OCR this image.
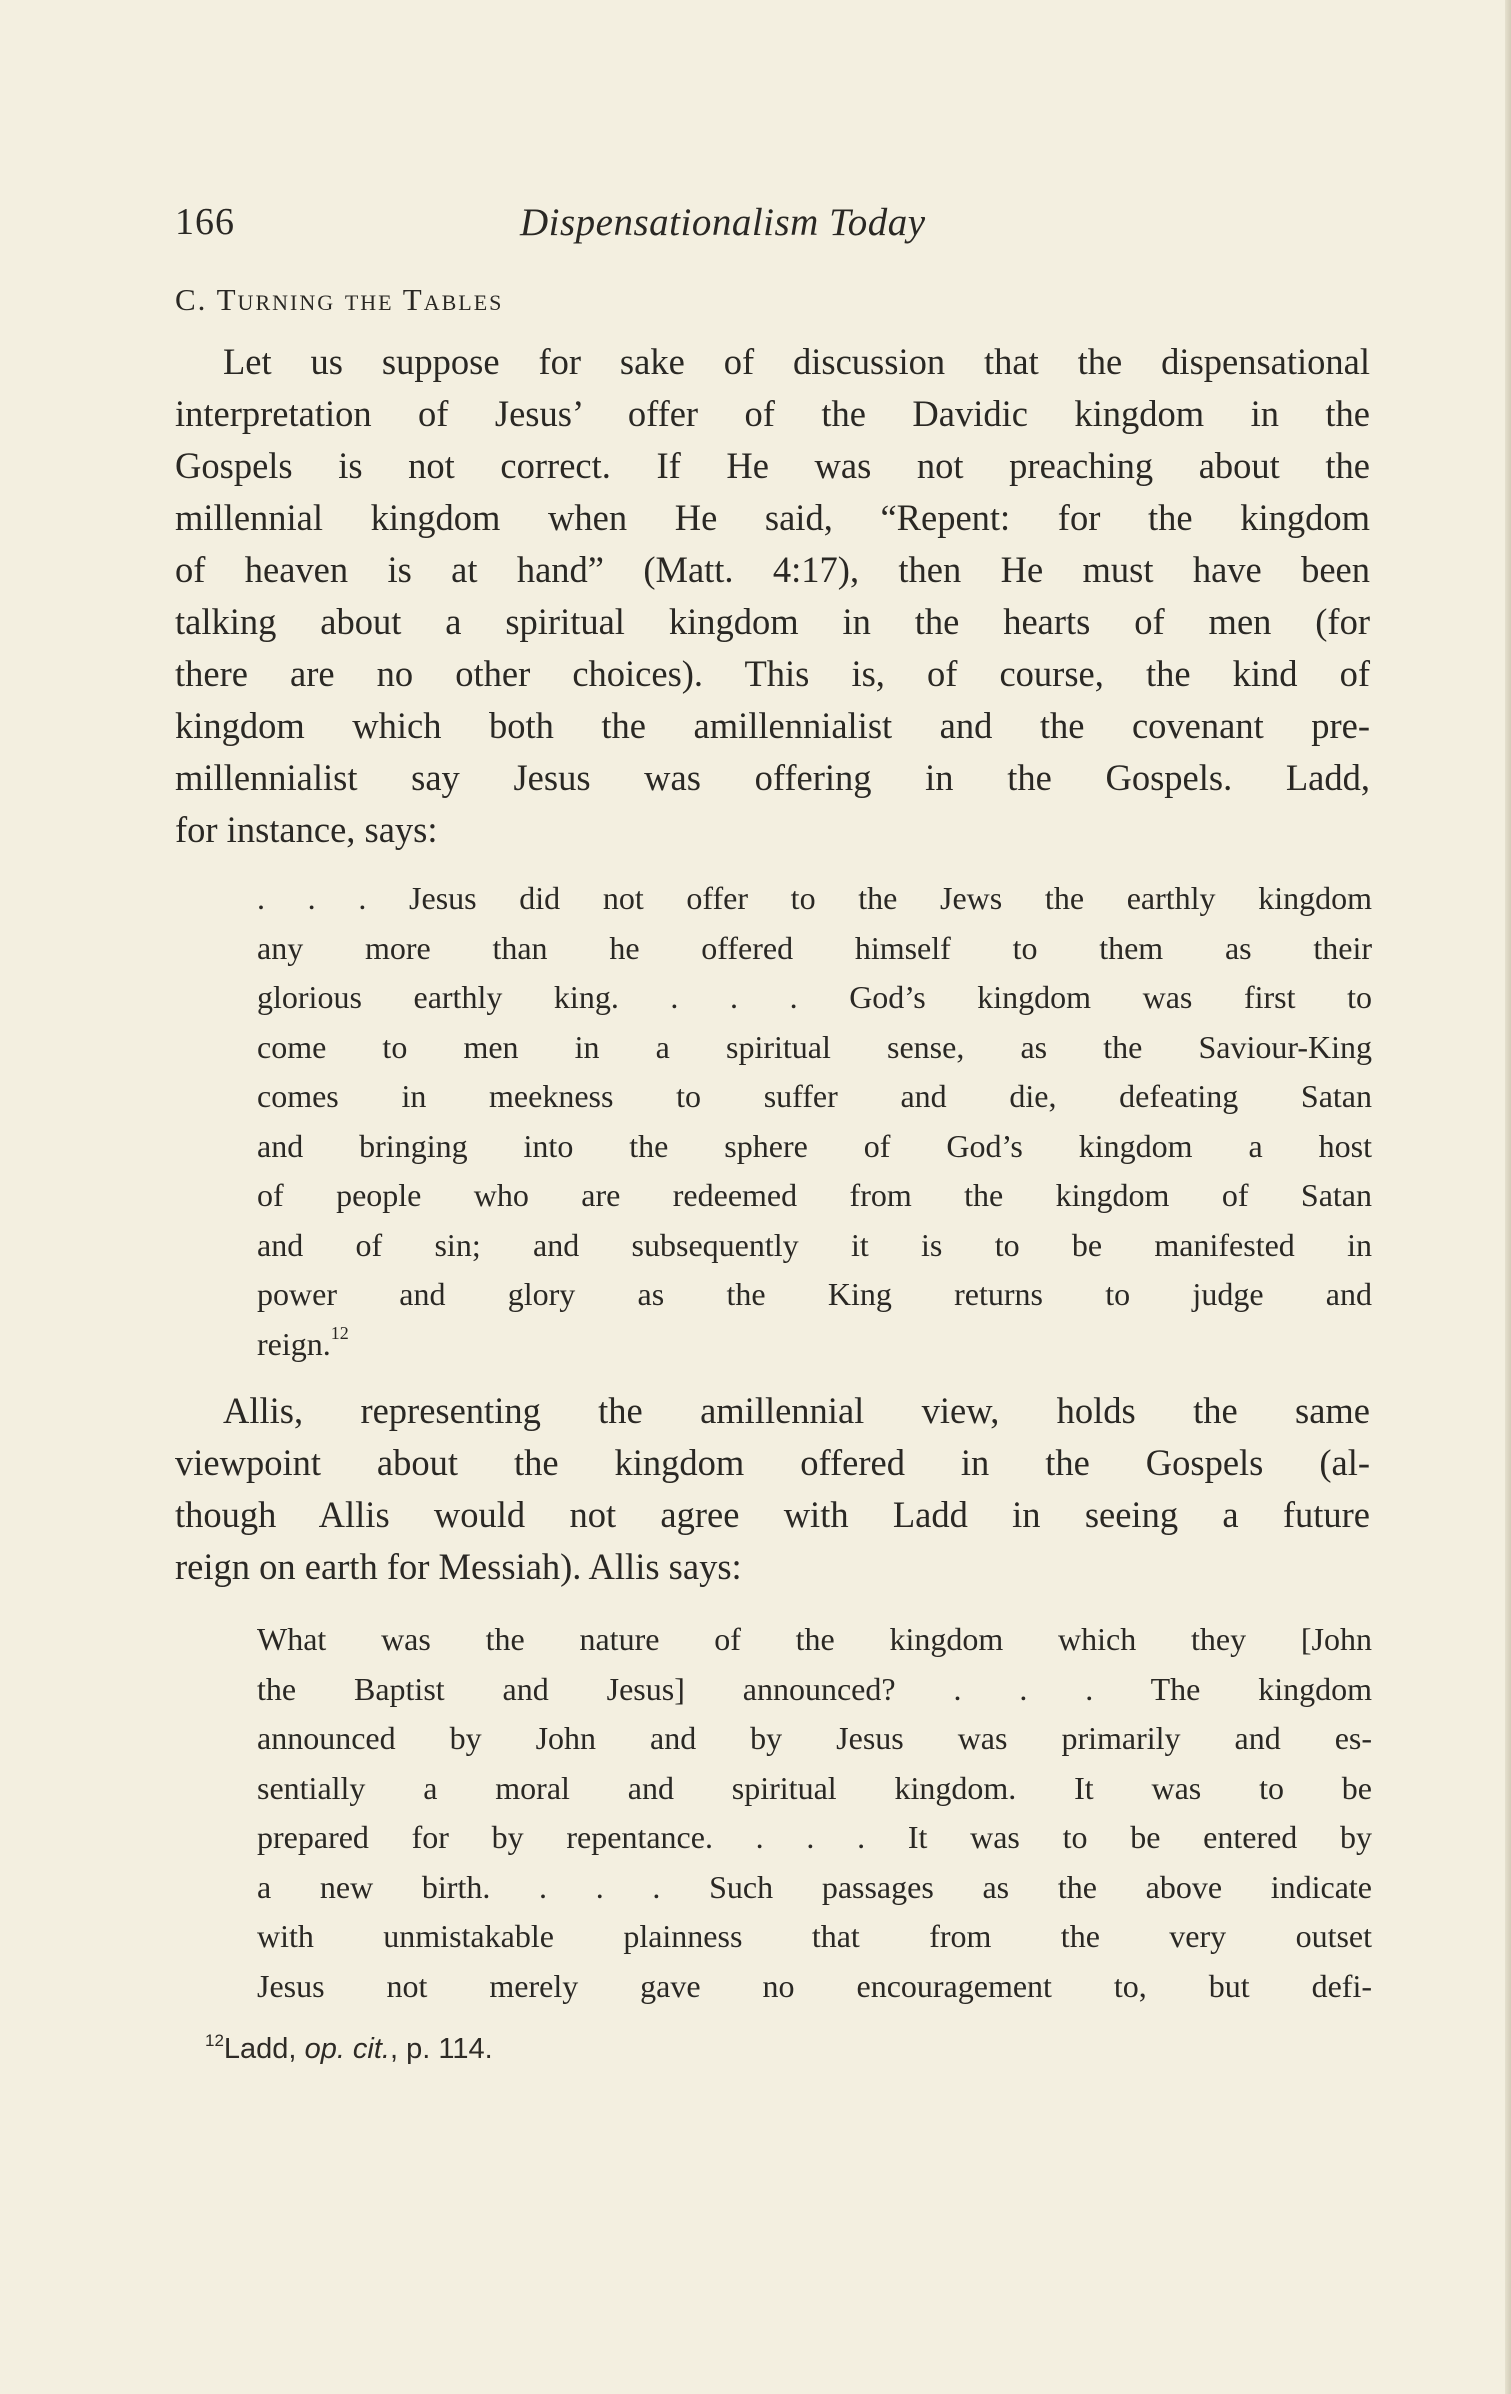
166	Dispensationalism Today
C. Turning the Tables
Let us suppose for sake of discussion that the dispensational
interpretation of Jesus’ offer of the Davidic kingdom in the
Gospels is not correct. If He was not preaching about the
millennial kingdom when He said, “Repent: for the kingdom
of heaven is at hand” (Matt. 4:17), then He must have been
talking about a spiritual kingdom in the hearts of men (for
there are no other choices). This is, of course, the kind of
kingdom which both the amillennialist and the covenant pre-
millennialist say Jesus was offering in the Gospels. Ladd,
for instance, says:
. . . Jesus did not offer to the Jews the earthly kingdom
any more than he offered himself to them as their
glorious earthly king. . . . God’s kingdom was first to
come to men in a spiritual sense, as the Saviour-King
comes in meekness to suffer and die, defeating Satan
and bringing into the sphere of God’s kingdom a host
of people who are redeemed from the kingdom of Satan
and of sin; and subsequently it is to be manifested in
power and glory as the King returns to judge and
reign.$^{12}$
Allis, representing the amillennial view, holds the same
viewpoint about the kingdom offered in the Gospels (al-
though Allis would not agree with Ladd in seeing a future
reign on earth for Messiah). Allis says:
What was the nature of the kingdom which they [John
the Baptist and Jesus] announced? . . . The kingdom
announced by John and by Jesus was primarily and es-
sentially a moral and spiritual kingdom. It was to be
prepared for by repentance. . . . It was to be entered by
a new birth. . . . Such passages as the above indicate
with unmistakable plainness that from the very outset
Jesus not merely gave no encouragement to, but defi-
$^{12}$Ladd, op. cit., p. 114.
